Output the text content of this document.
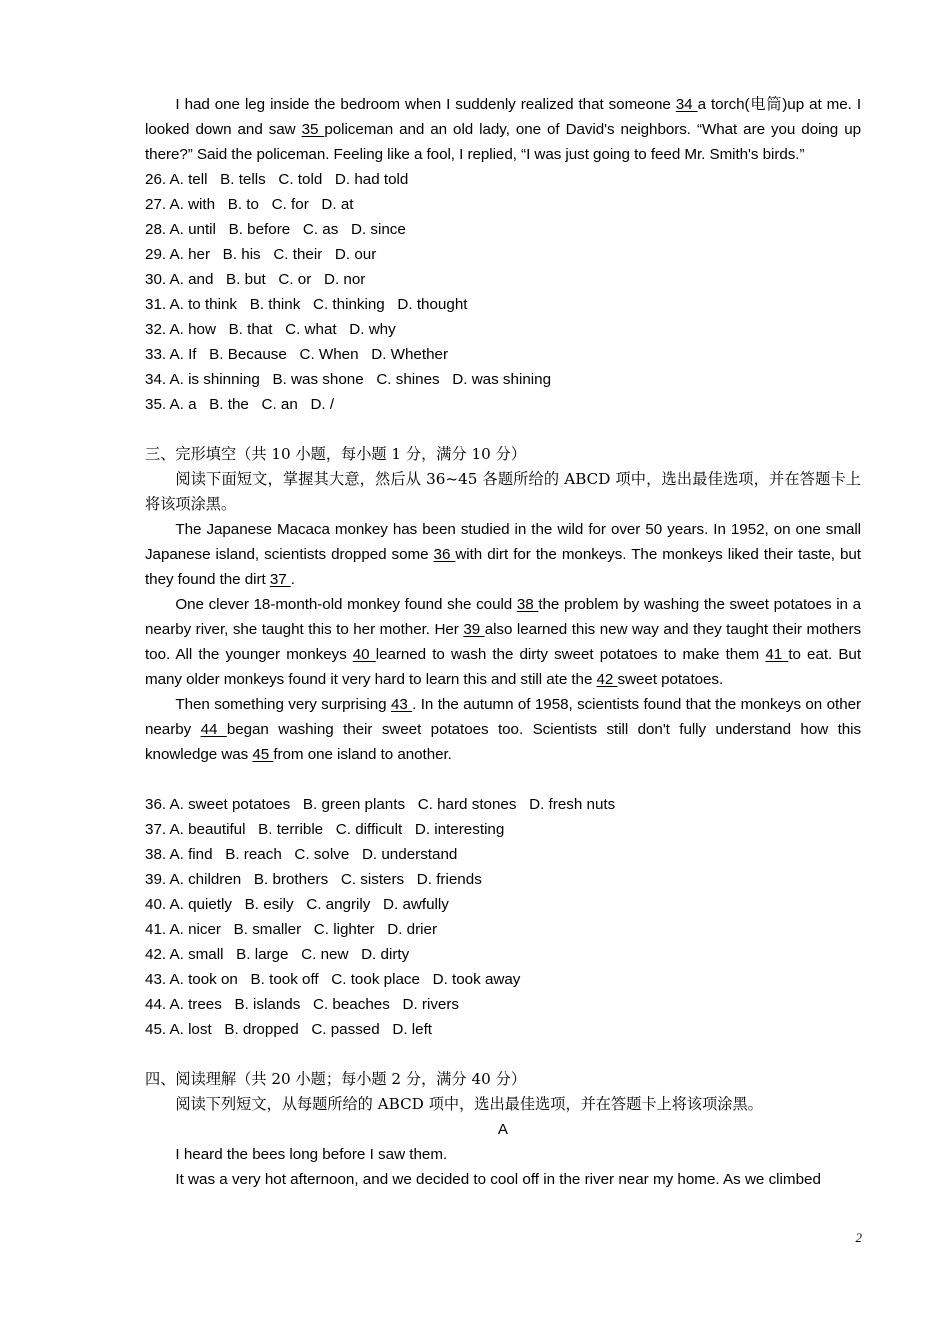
I had one leg inside the bedroom when I suddenly realized that someone 34 a torch(电筒)up at me. I looked down and saw 35 policeman and an old lady, one of David's neighbors. “What are you doing up there?” Said the policeman. Feeling like a fool, I replied, “I was just going to feed Mr. Smith's birds.”

26. A. tell   B. tells   C. told   D. had told

27. A. with   B. to   C. for   D. at

28. A. until   B. before   C. as   D. since

29. A. her   B. his   C. their   D. our

30. A. and   B. but   C. or   D. nor

31. A. to think   B. think   C. thinking   D. thought

32. A. how   B. that   C. what   D. why

33. A. If   B. Because   C. When   D. Whether

34. A. is shinning   B. was shone   C. shines   D. was shining

35. A. a   B. the   C. an   D. /

三、完形填空（共 10 小题，每小题 1 分，满分 10 分）

阅读下面短文，掌握其大意，然后从 36~45 各题所给的 ABCD 项中，选出最佳选项，并在答题卡上将该项涂黑。

The Japanese Macaca monkey has been studied in the wild for over 50 years. In 1952, on one small Japanese island, scientists dropped some 36 with dirt for the monkeys. The monkeys liked their taste, but they found the dirt 37 .

One clever 18-month-old monkey found she could 38 the problem by washing the sweet potatoes in a nearby river, she taught this to her mother. Her 39 also learned this new way and they taught their mothers too. All the younger monkeys 40 learned to wash the dirty sweet potatoes to make them 41 to eat. But many older monkeys found it very hard to learn this and still ate the 42 sweet potatoes.

Then something very surprising 43 . In the autumn of 1958, scientists found that the monkeys on other nearby 44 began washing their sweet potatoes too. Scientists still don't fully understand how this knowledge was 45 from one island to another.

36. A. sweet potatoes   B. green plants   C. hard stones   D. fresh nuts

37. A. beautiful   B. terrible   C. difficult   D. interesting

38. A. find   B. reach   C. solve   D. understand

39. A. children   B. brothers   C. sisters   D. friends

40. A. quietly   B. esily   C. angrily   D. awfully

41. A. nicer   B. smaller   C. lighter   D. drier

42. A. small   B. large   C. new   D. dirty

43. A. took on   B. took off   C. took place   D. took away

44. A. trees   B. islands   C. beaches   D. rivers

45. A. lost   B. dropped   C. passed   D. left

四、阅读理解（共 20 小题；每小题 2 分，满分 40 分）

阅读下列短文，从每题所给的 ABCD 项中，选出最佳选项，并在答题卡上将该项涂黑。

A

I heard the bees long before I saw them.

It was a very hot afternoon, and we decided to cool off in the river near my home. As we climbed

2
